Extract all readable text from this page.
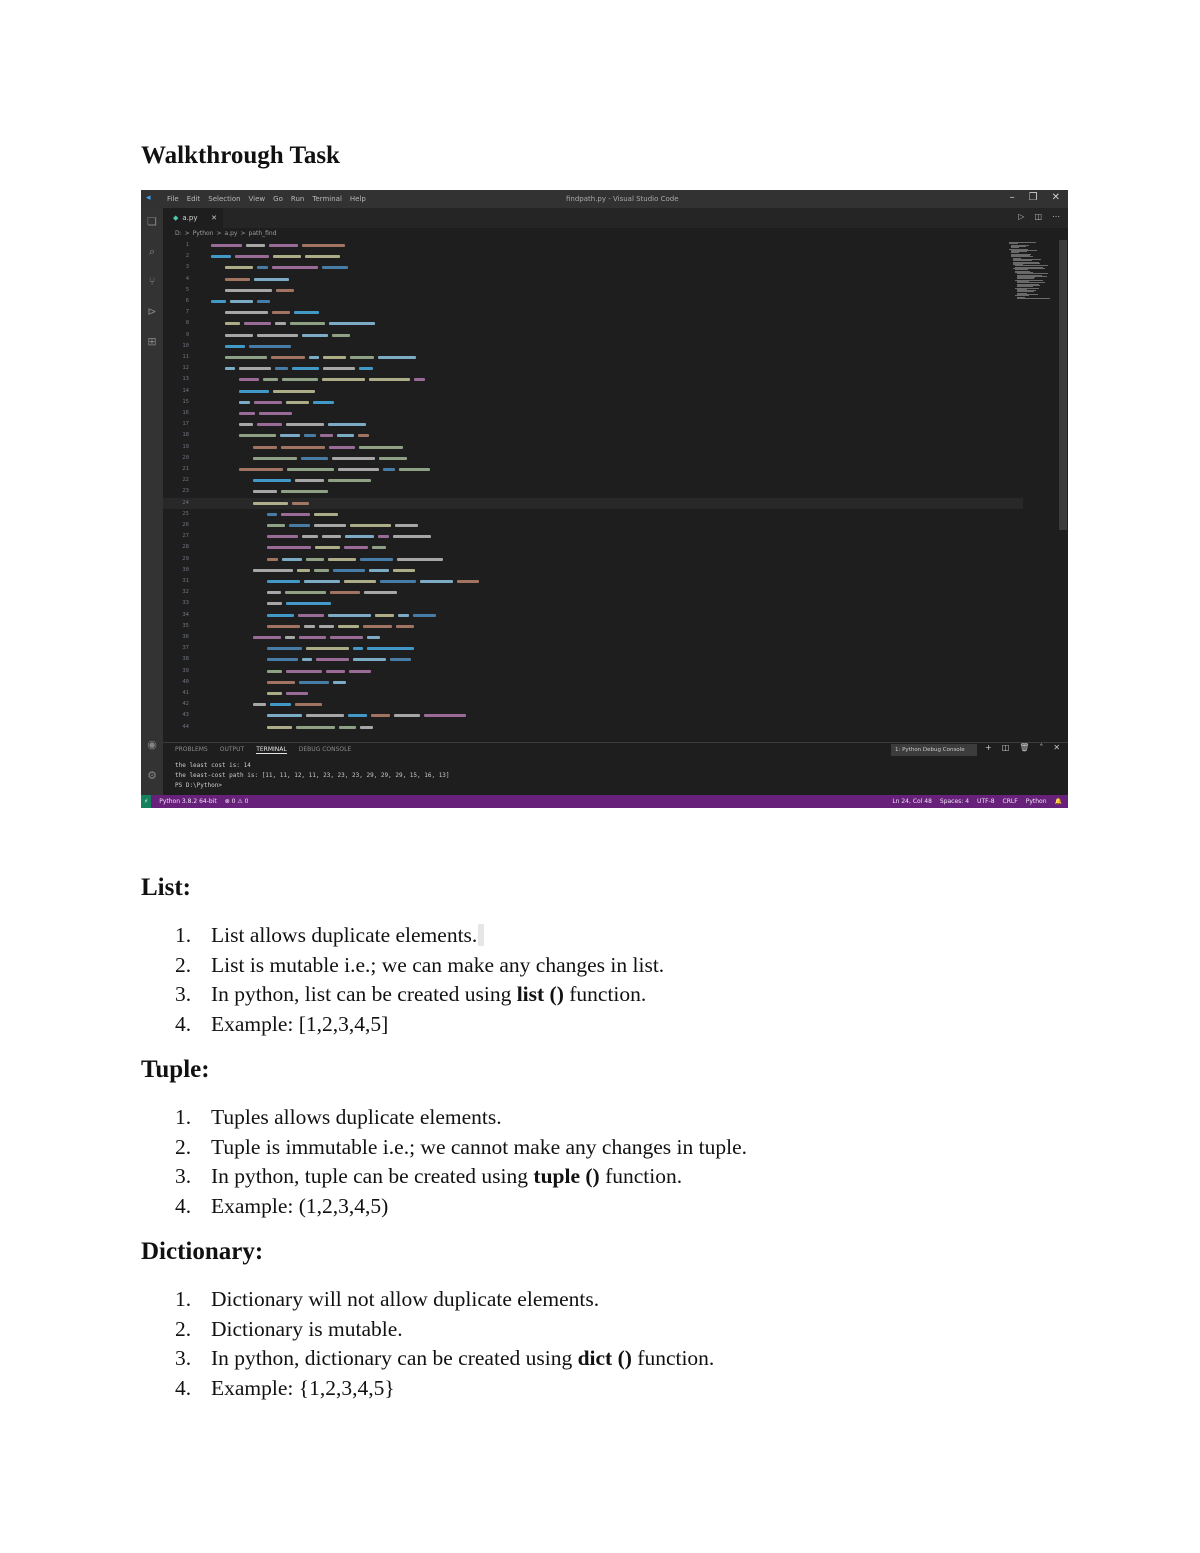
Walkthrough Task
◂	File Edit Selection View Go Run Terminal Help	findpath.py - Visual Studio Code	– ❐ ✕
❏
⌕
⑂
⊳
⊞
◉
⚙
◆ a.py ✕	▷ ◫ ⋯
D: > Python > a.py > path_find
1
2
3
4
5
6
7
8
9
10
11
12
13
14
15
16
17
18
19
20
21
22
23
24
25
26
27
28
29
30
31
32
33
34
35
36
37
38
39
40
41
42
43
44
PROBLEMS OUTPUT TERMINAL DEBUG CONSOLE	1: Python Debug Console	+ ◫ 🗑 ˄ ✕
the least cost is: 14
the least-cost path is: [11, 11, 12, 11, 23, 23, 23, 29, 29, 29, 15, 16, 13]
PS D:\Python>
⚡	Python 3.8.2 64-bit ⊗ 0 ⚠ 0	Ln 24, Col 48 Spaces: 4 UTF-8 CRLF Python 🔔
List:
1. List allows duplicate elements.
2. List is mutable i.e.; we can make any changes in list.
3. In python, list can be created using list () function.
4. Example: [1,2,3,4,5]
Tuple:
1. Tuples allows duplicate elements.
2. Tuple is immutable i.e.; we cannot make any changes in tuple.
3. In python, tuple can be created using tuple () function.
4. Example: (1,2,3,4,5)
Dictionary:
1. Dictionary will not allow duplicate elements.
2. Dictionary is mutable.
3. In python, dictionary can be created using dict () function.
4. Example: {1,2,3,4,5}
